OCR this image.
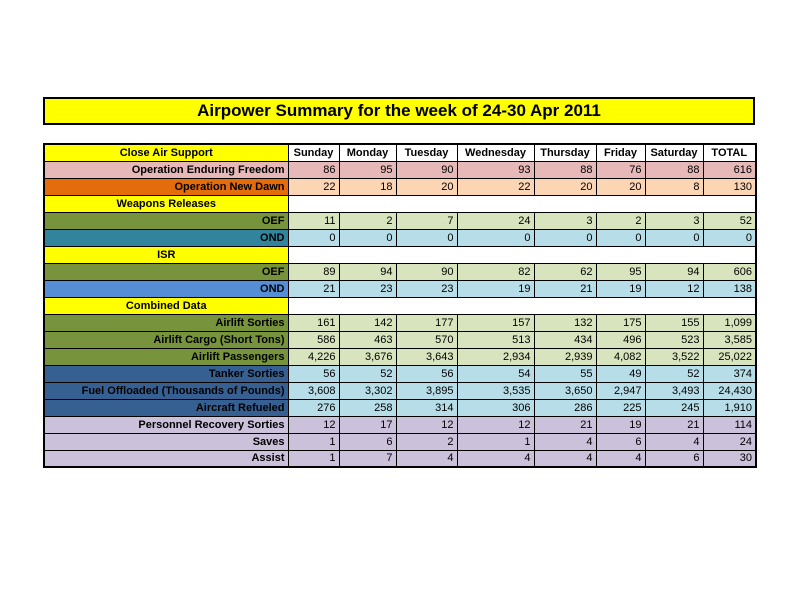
Airpower Summary for the week of 24-30 Apr 2011
Close Air Support	Sunday	Monday	Tuesday	Wednesday	Thursday	Friday	Saturday	TOTAL
Operation Enduring Freedom	86	95	90	93	88	76	88	616
Operation New Dawn	22	18	20	22	20	20	8	130
Weapons Releases								
OEF	11	2	7	24	3	2	3	52
OND	0	0	0	0	0	0	0	0
ISR								
OEF	89	94	90	82	62	95	94	606
OND	21	23	23	19	21	19	12	138
Combined Data								
Airlift Sorties	161	142	177	157	132	175	155	1,099
Airlift Cargo (Short Tons)	586	463	570	513	434	496	523	3,585
Airlift Passengers	4,226	3,676	3,643	2,934	2,939	4,082	3,522	25,022
Tanker Sorties	56	52	56	54	55	49	52	374
Fuel Offloaded (Thousands of Pounds)	3,608	3,302	3,895	3,535	3,650	2,947	3,493	24,430
Aircraft Refueled	276	258	314	306	286	225	245	1,910
Personnel Recovery Sorties	12	17	12	12	21	19	21	114
Saves	1	6	2	1	4	6	4	24
Assist	1	7	4	4	4	4	6	30
